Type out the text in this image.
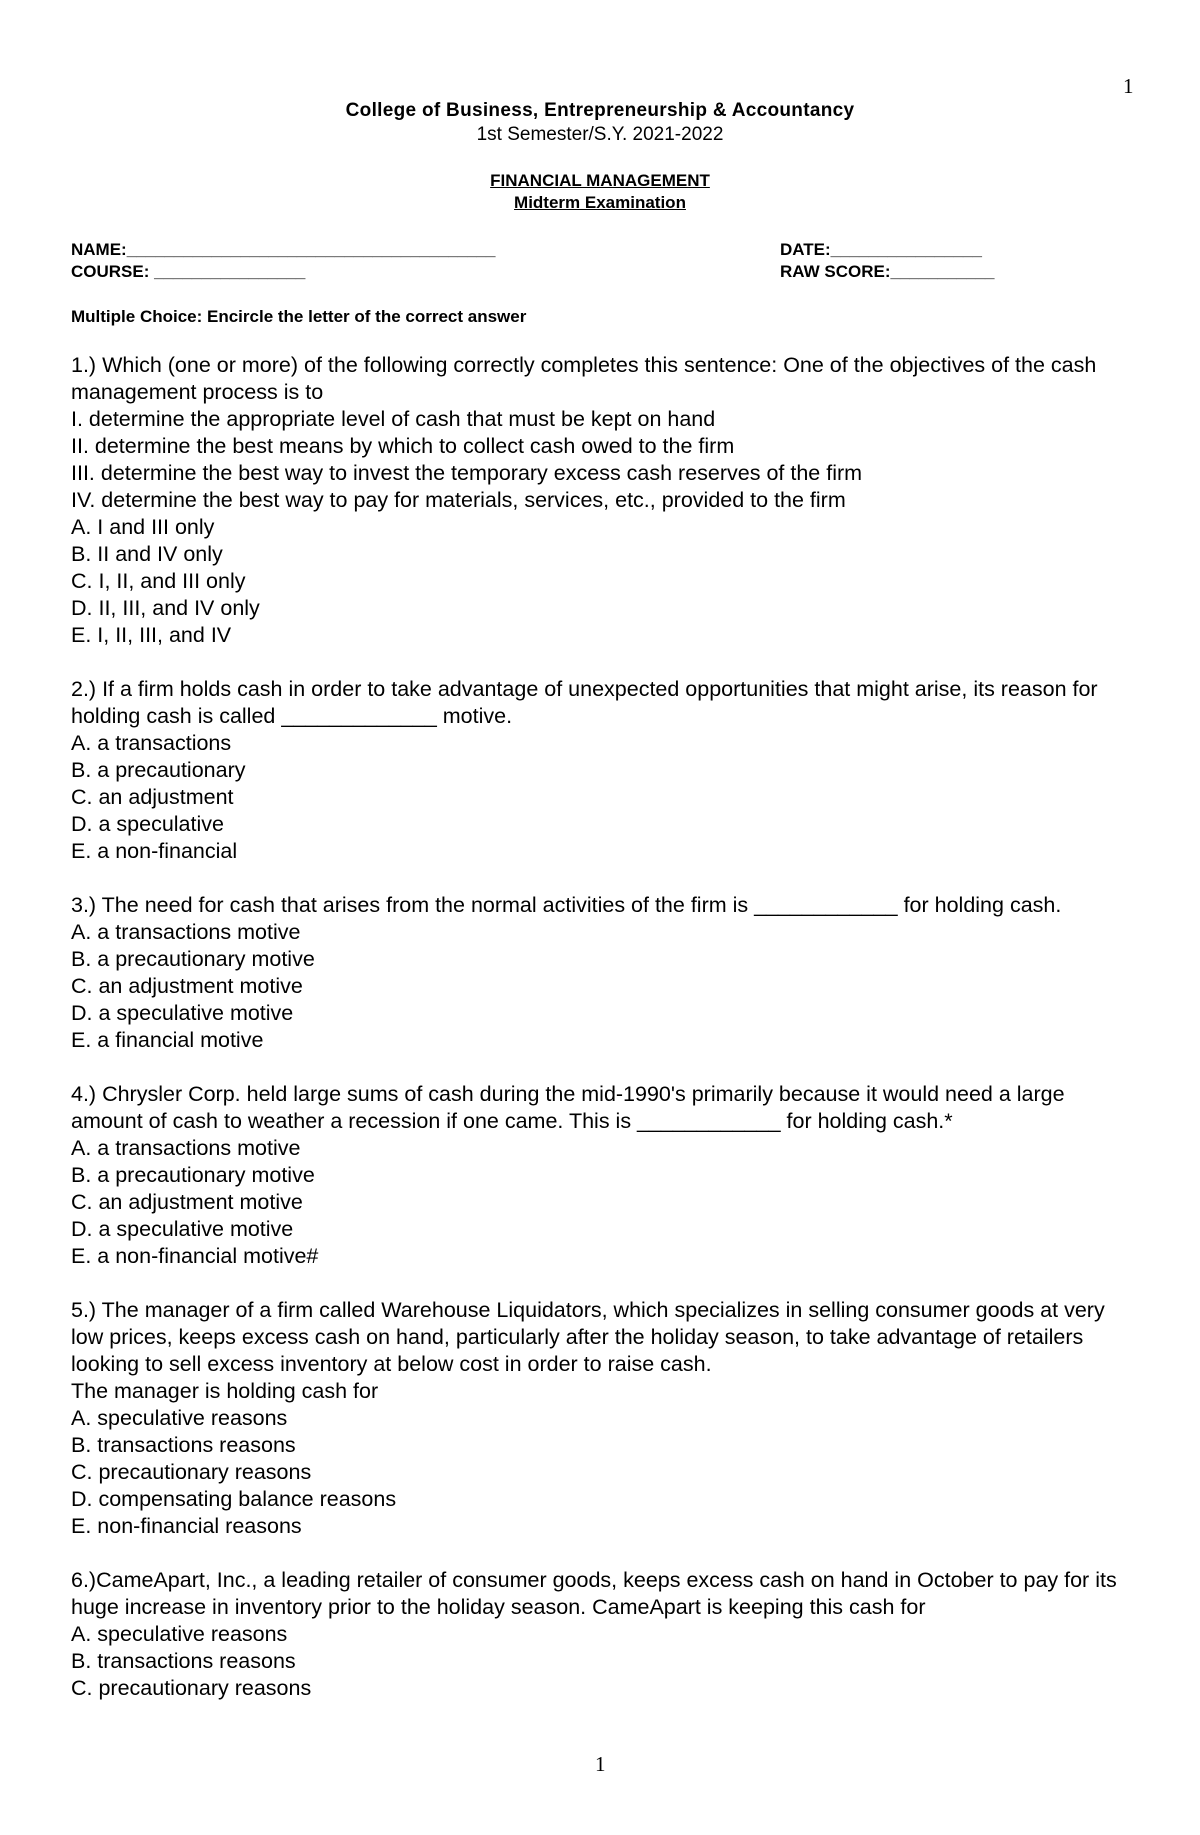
1
College of Business, Entrepreneurship & Accountancy
1st Semester/S.Y. 2021-2022
FINANCIAL MANAGEMENT
Midterm Examination
NAME:_______________________________________	DATE:________________
COURSE: ________________	RAW SCORE:___________
Multiple Choice: Encircle the letter of the correct answer
1.) Which (one or more) of the following correctly completes this sentence: One of the objectives of the cash management process is to
I. determine the appropriate level of cash that must be kept on hand
II. determine the best means by which to collect cash owed to the firm
III. determine the best way to invest the temporary excess cash reserves of the firm
IV. determine the best way to pay for materials, services, etc., provided to the firm
A. I and III only
B. II and IV only
C. I, II, and III only
D. II, III, and IV only
E. I, II, III, and IV
2.) If a firm holds cash in order to take advantage of unexpected opportunities that might arise, its reason for holding cash is called _____________ motive.
A. a transactions
B. a precautionary
C. an adjustment
D. a speculative
E. a non-financial
3.) The need for cash that arises from the normal activities of the firm is ____________ for holding cash.
A. a transactions motive
B. a precautionary motive
C. an adjustment motive
D. a speculative motive
E. a financial motive
4.) Chrysler Corp. held large sums of cash during the mid-1990's primarily because it would need a large amount of cash to weather a recession if one came. This is ____________ for holding cash.*
A. a transactions motive
B. a precautionary motive
C. an adjustment motive
D. a speculative motive
E. a non-financial motive#
5.) The manager of a firm called Warehouse Liquidators, which specializes in selling consumer goods at very low prices, keeps excess cash on hand, particularly after the holiday season, to take advantage of retailers looking to sell excess inventory at below cost in order to raise cash.
The manager is holding cash for
A. speculative reasons
B. transactions reasons
C. precautionary reasons
D. compensating balance reasons
E. non-financial reasons
6.)CameApart, Inc., a leading retailer of consumer goods, keeps excess cash on hand in October to pay for its huge increase in inventory prior to the holiday season. CameApart is keeping this cash for
A. speculative reasons
B. transactions reasons
C. precautionary reasons
1
